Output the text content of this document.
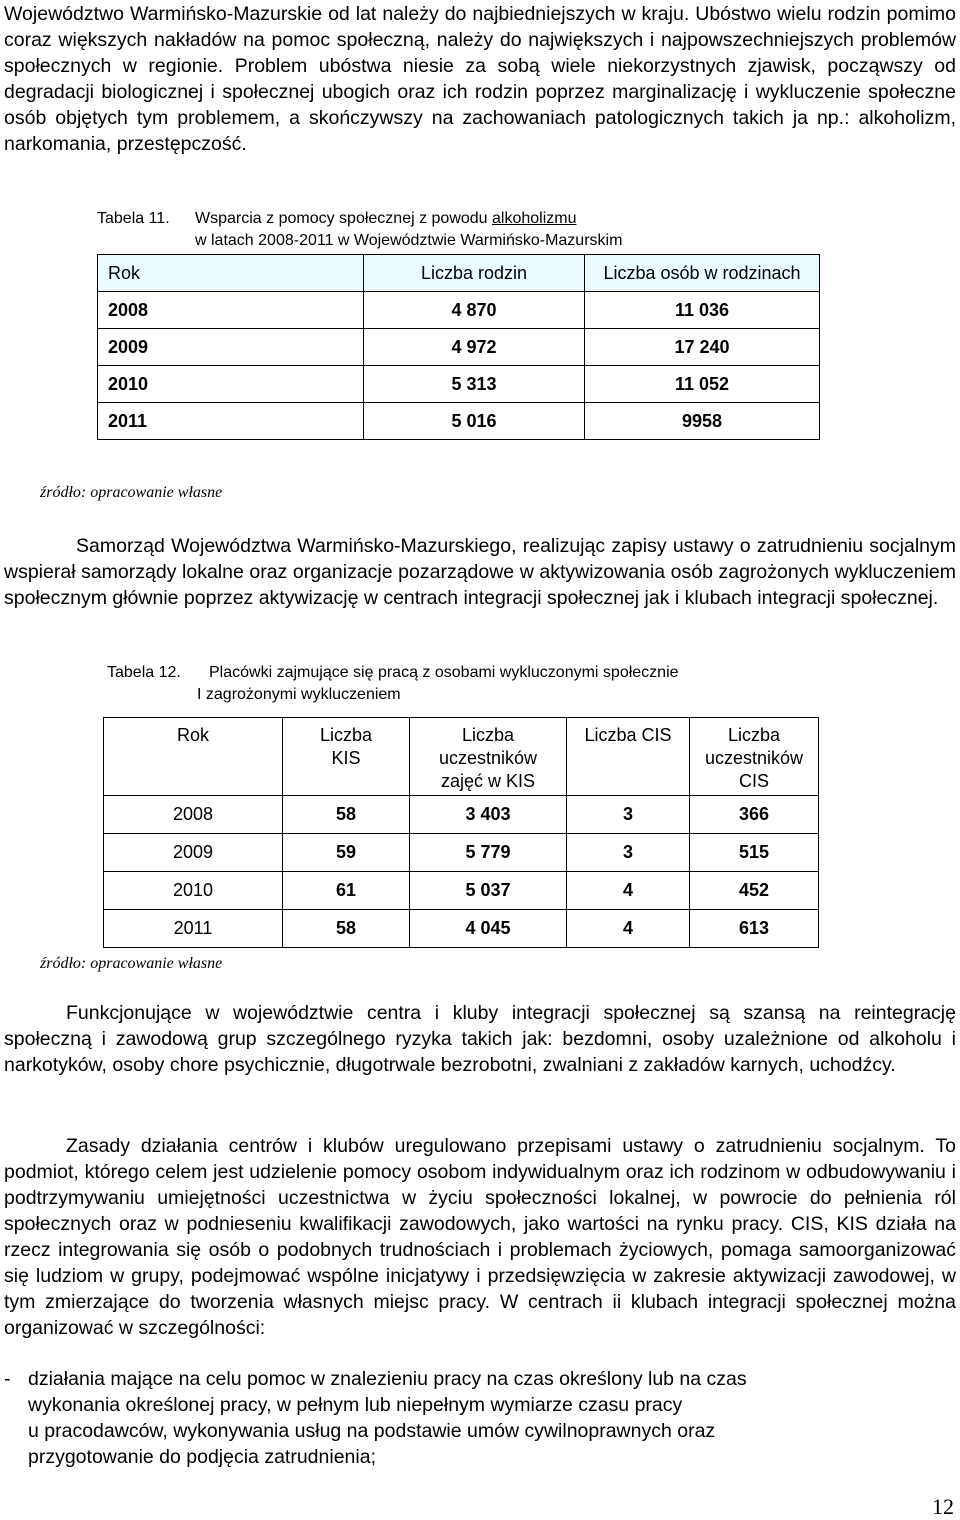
Województwo Warmińsko-Mazurskie od lat należy do najbiedniejszych w kraju. Ubóstwo wielu rodzin pomimo coraz większych nakładów na pomoc społeczną, należy do największych i najpowszechniejszych problemów społecznych w regionie. Problem ubóstwa niesie za sobą wiele niekorzystnych zjawisk, począwszy od degradacji biologicznej i społecznej ubogich oraz ich rodzin poprzez marginalizację i wykluczenie społeczne osób objętych tym problemem, a skończywszy na zachowaniach patologicznych takich ja np.: alkoholizm, narkomania, przestępczość.

Tabela 11. Wsparcia z pomocy społecznej z powodu alkoholizmu
w latach 2008-2011 w Województwie Warmińsko-Mazurskim
Rok	Liczba rodzin	Liczba osób w rodzinach
2008	4 870	11 036
2009	4 972	17 240
2010	5 313	11 052
2011	5 016	9958
źródło: opracowanie własne

Samorząd Województwa Warmińsko-Mazurskiego, realizując zapisy ustawy o zatrudnieniu socjalnym wspierał samorządy lokalne oraz organizacje pozarządowe w aktywizowania osób zagrożonych wykluczeniem społecznym głównie poprzez aktywizację w centrach integracji społecznej jak i klubach integracji społecznej.

Tabela 12. Placówki zajmujące się pracą z osobami wykluczonymi społecznie
I zagrożonymi wykluczeniem
Rok	Liczba KIS	Liczba uczestników zajęć w KIS	Liczba CIS	Liczba uczestników CIS
2008	58	3 403	3	366
2009	59	5 779	3	515
2010	61	5 037	4	452
2011	58	4 045	4	613
źródło: opracowanie własne

Funkcjonujące w województwie centra i kluby integracji społecznej są szansą na reintegrację społeczną i zawodową grup szczególnego ryzyka takich jak: bezdomni, osoby uzależnione od alkoholu i narkotyków, osoby chore psychicznie, długotrwale bezrobotni, zwalniani z zakładów karnych, uchodźcy.

Zasady działania centrów i klubów uregulowano przepisami ustawy o zatrudnieniu socjalnym. To podmiot, którego celem jest udzielenie pomocy osobom indywidualnym oraz ich rodzinom w odbudowywaniu i podtrzymywaniu umiejętności uczestnictwa w życiu społeczności lokalnej, w powrocie do pełnienia ról społecznych oraz w podnieseniu kwalifikacji zawodowych, jako wartości na rynku pracy. CIS, KIS działa na rzecz integrowania się osób o podobnych trudnościach i problemach życiowych, pomaga samoorganizować się ludziom w grupy, podejmować wspólne inicjatywy i przedsięwzięcia w zakresie aktywizacji zawodowej, w tym zmierzające do tworzenia własnych miejsc pracy. W centrach ii klubach integracji społecznej można organizować w szczególności:

- działania mające na celu pomoc w znalezieniu pracy na czas określony lub na czas
wykonania określonej pracy, w pełnym lub niepełnym wymiarze czasu pracy
u pracodawców, wykonywania usług na podstawie umów cywilnoprawnych oraz
przygotowanie do podjęcia zatrudnienia;
12
